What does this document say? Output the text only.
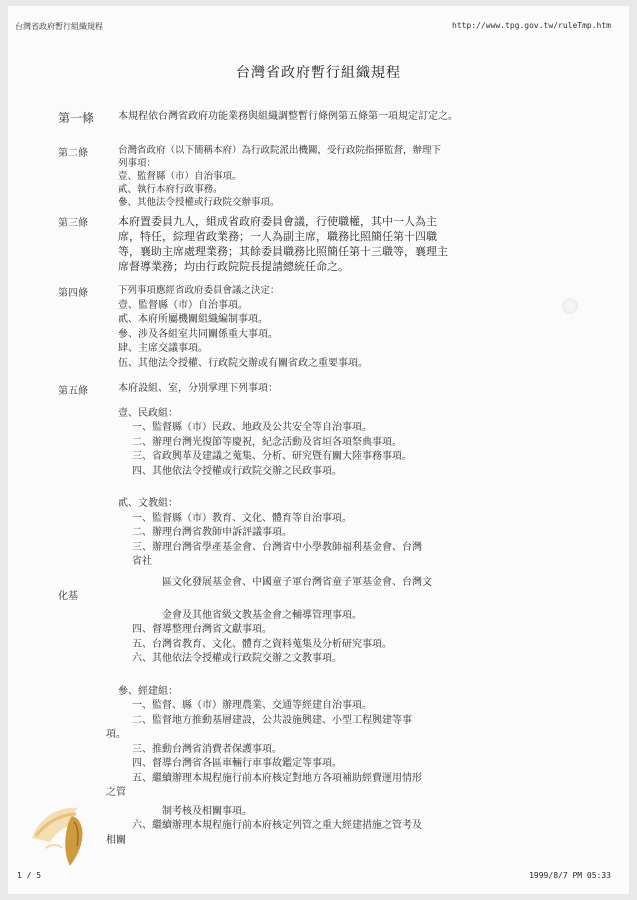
台灣省政府暫行組織規程	http://www.tpg.gov.tw/ruleTmp.htm
台灣省政府暫行組織規程
第一條 本規程依台灣省政府功能業務與組織調整暫行條例第五條第一項規定訂定之。
第二條	台灣省政府（以下簡稱本府）為行政院派出機關，受行政院指揮監督，辦理下
列事項：
壹、監督縣（市）自治事項。
貳、執行本府行政事務。
參、其他法令授權或行政院交辦事項。
第三條	本府置委員九人，組成省政府委員會議，行使職權，其中一人為主
席，特任，綜理省政業務；一人為副主席，職務比照簡任第十四職
等，襄助主席處理業務；其餘委員職務比照簡任第十三職等，襄理主
席督導業務；均由行政院院長提請總統任命之。
第四條	下列事項應經省政府委員會議之決定：
壹、監督縣（市）自治事項。
貳、本府所屬機關組織編制事項。
參、涉及各組室共同關係重大事項。
肆、主席交議事項。
伍、其他法令授權、行政院交辦或有關省政之重要事項。
第五條	本府設組、室，分別掌理下列事項：
壹、民政組：
一、監督縣（市）民政、地政及公共安全等自治事項。
二、辦理台灣光復節等慶祝，紀念活動及省垣各項祭典事項。
三、省政興革及建議之蒐集、分析、研究暨有關大陸事務事項。
四、其他依法令授權或行政院交辦之民政事項。
貳、文教組：
一、監督縣（市）教育、文化、體育等自治事項。
二、辦理台灣省教師申訴評議事項。
三、辦理台灣省學產基金會、台灣省中小學教師福利基金會、台灣
省社
區文化發展基金會、中國童子軍台灣省童子軍基金會、台灣文
化基
金會及其他省級文教基金會之輔導管理事項。
四、督導整理台灣省文獻事項。
五、台灣省教育、文化、體育之資料蒐集及分析研究事項。
六、其他依法令授權或行政院交辦之文教事項。
參、經建組：
一、監督、縣（市）辦理農業、交通等經建自治事項。
二、監督地方推動基層建設，公共設施興建、小型工程興建等事
項。
三、推動台灣省消費者保護事項。
四、督導台灣省各區車輛行車事故鑑定等事項。
五、繼續辦理本規程施行前本府核定對地方各項補助經費運用情形
之管
制考核及相關事項。
六、繼續辦理本規程施行前本府核定列管之重大經建措施之管考及
相關
1 / 5	1999/8/7 PM 05:33
